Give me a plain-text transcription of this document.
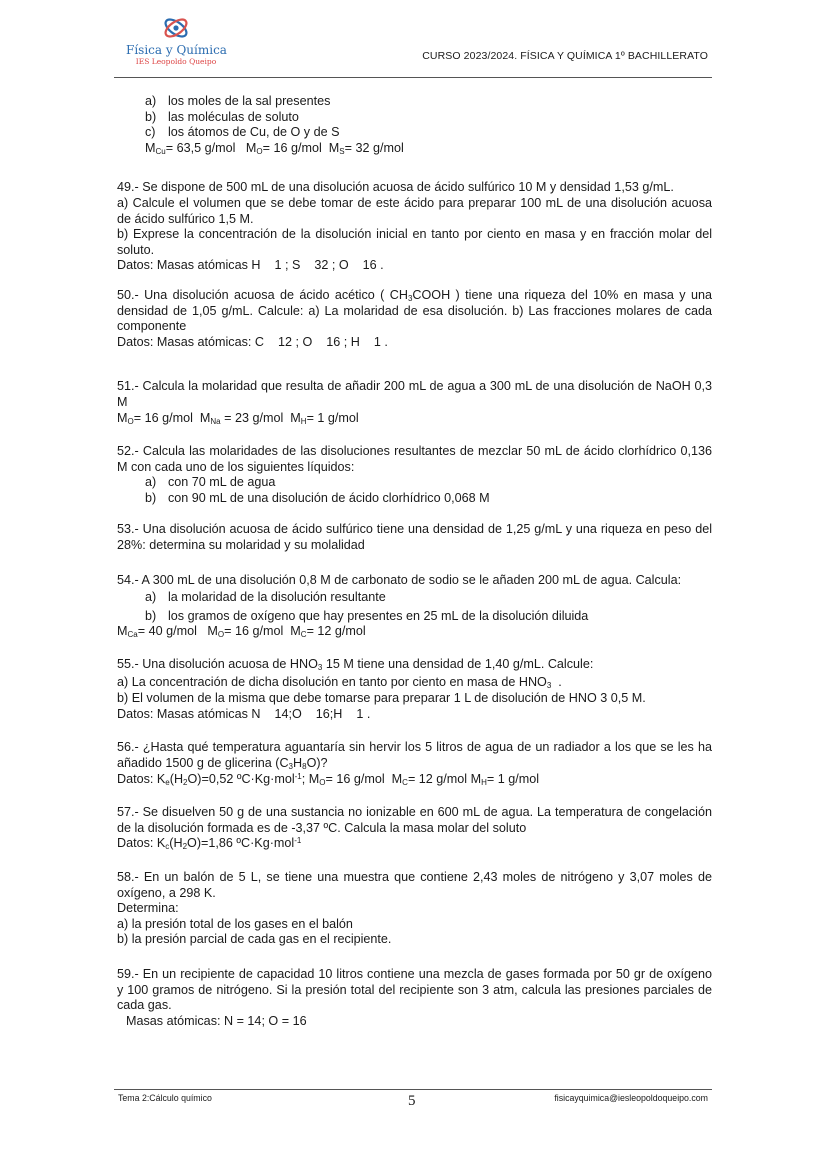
Física y Química
IES Leopoldo Queipo	CURSO 2023/2024. FÍSICA Y QUÍMICA 1º BACHILLERATO
a) los moles de la sal presentes
b) las moléculas de soluto
c) los átomos de Cu, de O y de S

$M_{Cu}= 63,5$ g/mol   $M_O= 16$ g/mol  $M_S= 32$ g/mol

49.- Se dispone de 500 mL de una disolución acuosa de ácido sulfúrico 10 M y densidad 1,53 g/mL.

a) Calcule el volumen que se debe tomar de este ácido para preparar 100 mL de una disolución acuosa de ácido sulfúrico 1,5 M.

b) Exprese la concentración de la disolución inicial en tanto por ciento en masa y en fracción molar del soluto.

Datos: Masas atómicas H    1 ; S    32 ; O    16 .

50.- Una disolución acuosa de ácido acético ( $CH_3COOH$ ) tiene una riqueza del 10% en masa y una densidad de 1,05 g/mL. Calcule: a) La molaridad de esa disolución. b) Las fracciones molares de cada componente

Datos: Masas atómicas: C    12 ; O    16 ; H    1 .

51.- Calcula la molaridad que resulta de añadir 200 mL de agua a 300 mL de una disolución de NaOH 0,3 M

$M_O= 16$ g/mol  $M_{Na} = 23$ g/mol  $M_H= 1$ g/mol

52.- Calcula las molaridades de las disoluciones resultantes de mezclar 50 mL de ácido clorhídrico 0,136 M con cada uno de los siguientes líquidos:

a) con 70 mL de agua
b) con 90 mL de una disolución de ácido clorhídrico 0,068 M

53.- Una disolución acuosa de ácido sulfúrico tiene una densidad de 1,25 g/mL y una riqueza en peso del 28%: determina su molaridad y su molalidad

54.- A 300 mL de una disolución 0,8 M de carbonato de sodio se le añaden 200 mL de agua. Calcula:

a) la molaridad de la disolución resultante
b) los gramos de oxígeno que hay presentes en 25 mL de la disolución diluida

$M_{Ca}= 40$ g/mol   $M_O= 16$ g/mol  $M_C= 12$ g/mol

55.- Una disolución acuosa de $HNO_3$ 15 M tiene una densidad de 1,40 g/mL. Calcule:

a) La concentración de dicha disolución en tanto por ciento en masa de $HNO_3$  .

b) El volumen de la misma que debe tomarse para preparar 1 L de disolución de HNO 3 0,5 M.

Datos: Masas atómicas N    14;O    16;H    1 .

56.- ¿Hasta qué temperatura aguantaría sin hervir los 5 litros de agua de un radiador a los que se les ha añadido 1500 g de glicerina $(C_3H_8O)$?

Datos: $K_e(H_2O)=0,52$ ºC·Kg·mol$^{-1}$; $M_O= 16$ g/mol  $M_C= 12$ g/mol $M_H= 1$ g/mol

57.- Se disuelven 50 g de una sustancia no ionizable en 600 mL de agua. La temperatura de congelación de la disolución formada es de -3,37 ºC. Calcula la masa molar del soluto

Datos: $K_c(H_2O)=1,86$ ºC·Kg·mol$^{-1}$

58.- En un balón de 5 L, se tiene una muestra que contiene 2,43 moles de nitrógeno y 3,07 moles de oxígeno, a 298 K.

Determina:

a) la presión total de los gases en el balón

b) la presión parcial de cada gas en el recipiente.

59.- En un recipiente de capacidad 10 litros contiene una mezcla de gases formada por 50 gr de oxígeno y 100 gramos de nitrógeno. Si la presión total del recipiente son 3 atm, calcula las presiones parciales de cada gas.

Masas atómicas: N = 14; O = 16

Tema 2:Cálculo químico	5	fisicayquimica@iesleopoldoqueipo.com
